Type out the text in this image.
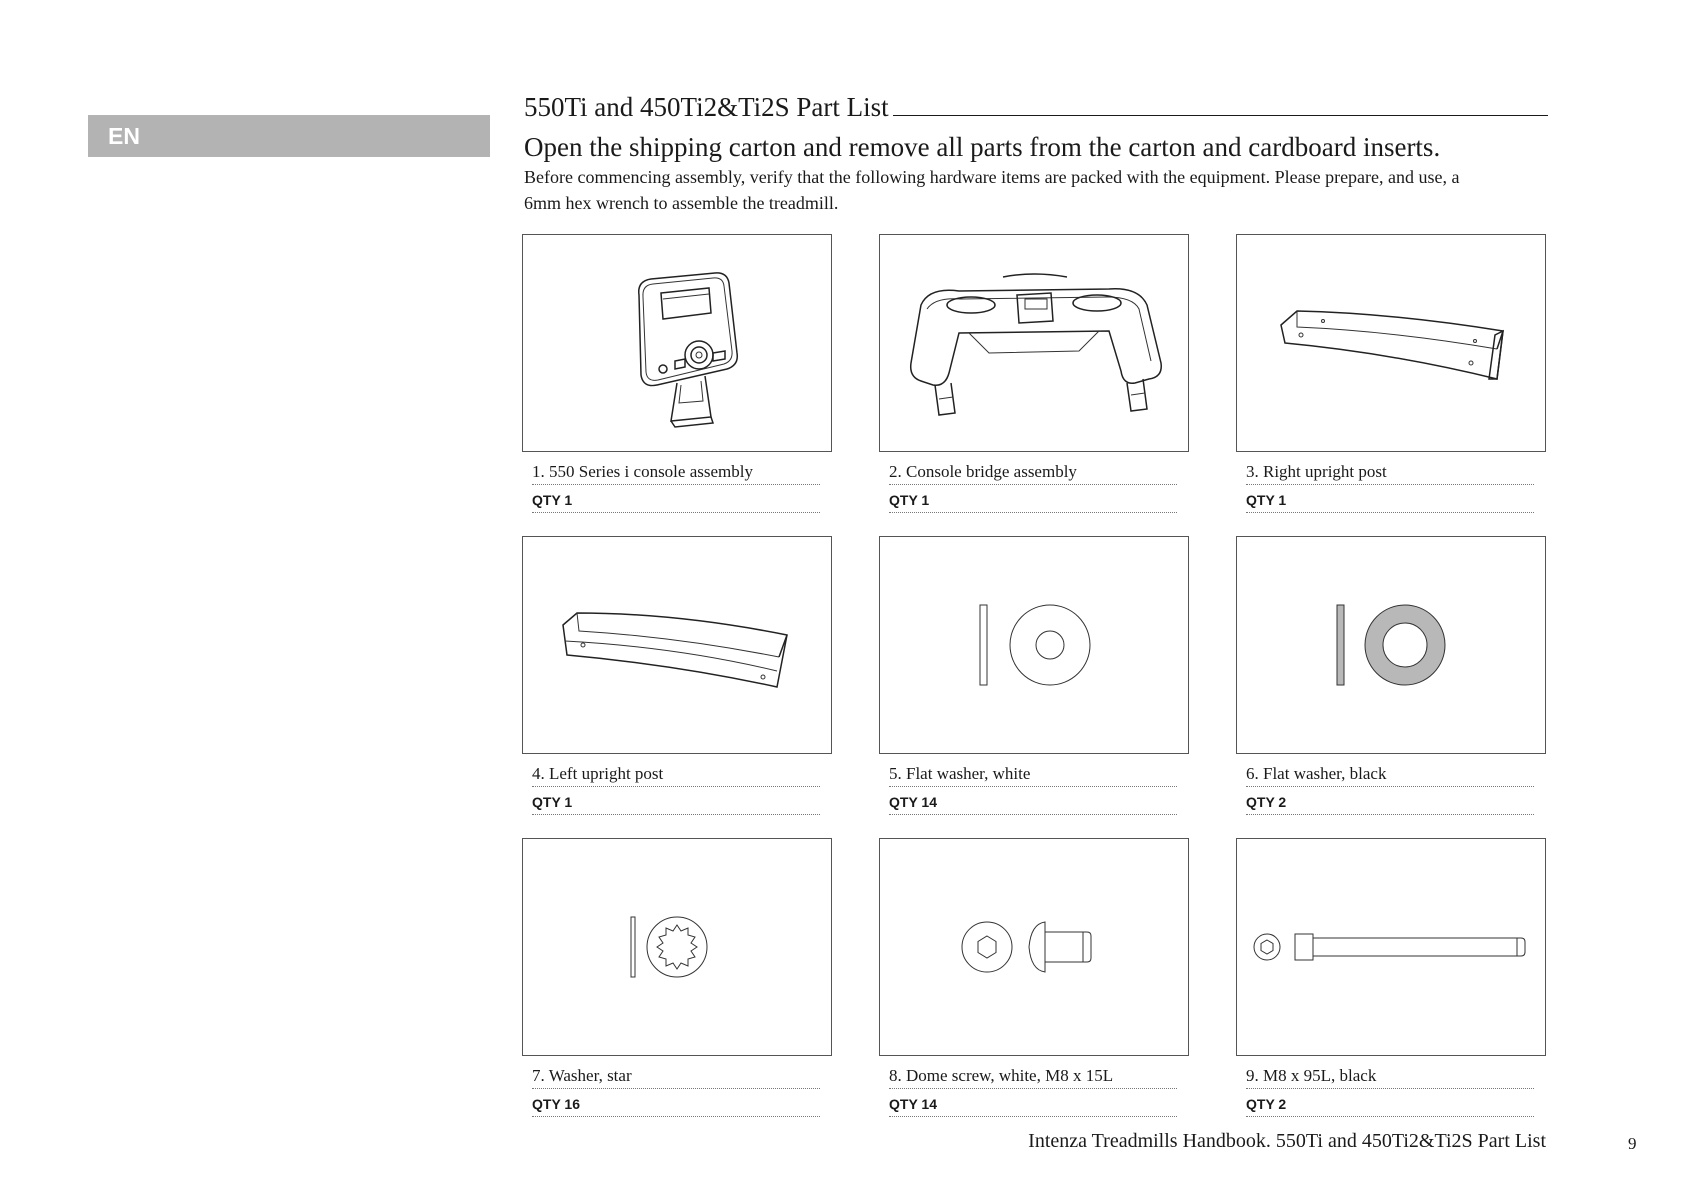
EN
550Ti and 450Ti2&Ti2S Part List
Open the shipping carton and remove all parts from the carton and cardboard inserts.
Before commencing assembly, verify that the following hardware items are packed with the equipment. Please prepare, and use, a 6mm hex wrench to assemble the treadmill.
1. 550 Series i console assembly
QTY 1
2. Console bridge assembly
QTY 1
3. Right upright post
QTY 1
4. Left upright post
QTY 1
5. Flat washer, white
QTY 14
6. Flat washer, black
QTY 2
7. Washer, star
QTY 16
8. Dome screw, white, M8 x 15L
QTY 14
9. M8 x 95L, black
QTY 2
Intenza Treadmills Handbook. 550Ti and 450Ti2&Ti2S Part List	9
